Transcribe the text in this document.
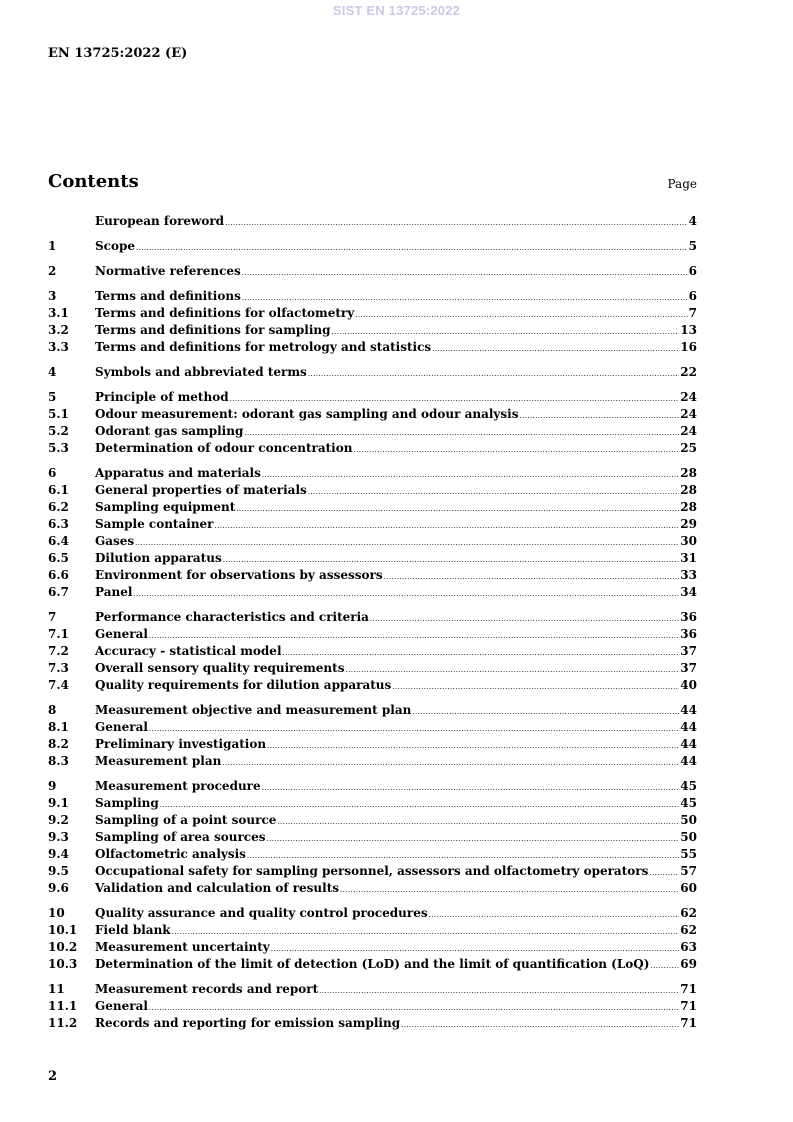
SIST EN 13725:2022
EN 13725:2022 (E)
Contents	Page
European foreword .....	4
1	Scope .....	5
2	Normative references .....	6
3	Terms and definitions .....	6
3.1	Terms and definitions for olfactometry .....	7
3.2	Terms and definitions for sampling .....	13
3.3	Terms and definitions for metrology and statistics .....	16
4	Symbols and abbreviated terms .....	22
5	Principle of method .....	24
5.1	Odour measurement: odorant gas sampling and odour analysis .....	24
5.2	Odorant gas sampling .....	24
5.3	Determination of odour concentration .....	25
6	Apparatus and materials .....	28
6.1	General properties of materials .....	28
6.2	Sampling equipment .....	28
6.3	Sample container .....	29
6.4	Gases .....	30
6.5	Dilution apparatus .....	31
6.6	Environment for observations by assessors .....	33
6.7	Panel .....	34
7	Performance characteristics and criteria .....	36
7.1	General .....	36
7.2	Accuracy - statistical model .....	37
7.3	Overall sensory quality requirements .....	37
7.4	Quality requirements for dilution apparatus .....	40
8	Measurement objective and measurement plan .....	44
8.1	General .....	44
8.2	Preliminary investigation .....	44
8.3	Measurement plan .....	44
9	Measurement procedure .....	45
9.1	Sampling .....	45
9.2	Sampling of a point source .....	50
9.3	Sampling of area sources .....	50
9.4	Olfactometric analysis .....	55
9.5	Occupational safety for sampling personnel, assessors and olfactometry operators .....	57
9.6	Validation and calculation of results .....	60
10	Quality assurance and quality control procedures .....	62
10.1	Field blank .....	62
10.2	Measurement uncertainty .....	63
10.3	Determination of the limit of detection (LoD) and the limit of quantification (LoQ) .....	69
11	Measurement records and report .....	71
11.1	General .....	71
11.2	Records and reporting for emission sampling .....	71
2
